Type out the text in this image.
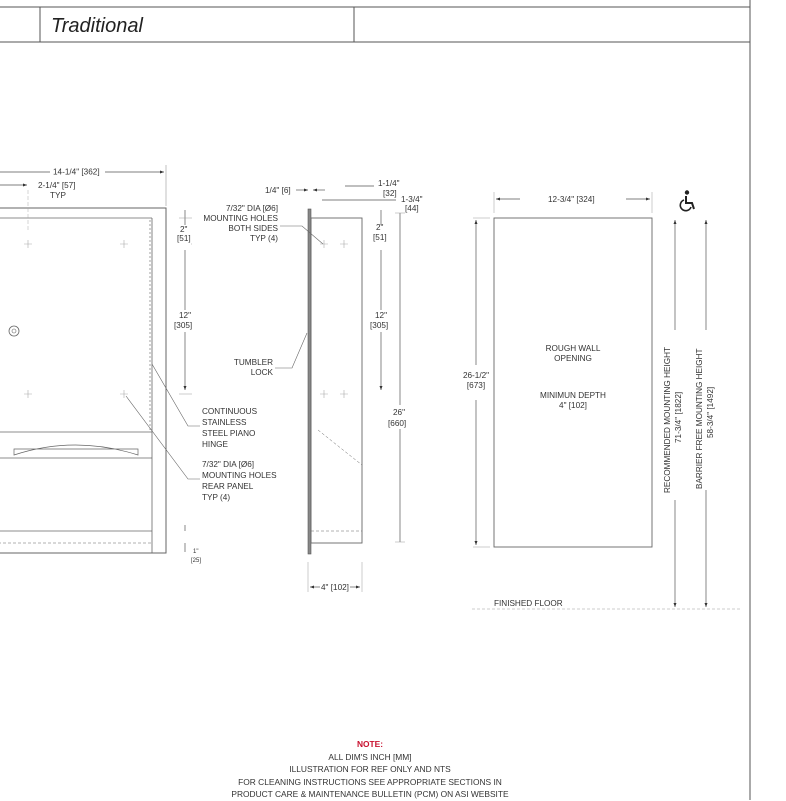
Traditional
14-1/4" [362]
2-1/4" [57]
TYP
2"
[51]
12"
[305]
1"
[25]
1/4" [6]
1-1/4"
[32]
1-3/4"
[44]
2"
[51]
12"
[305]
26"
[660]
4" [102]
7/32" DIA [Ø6]
MOUNTING HOLES
BOTH SIDES
TYP (4)
TUMBLER
LOCK
CONTINUOUS
STAINLESS
STEEL PIANO
HINGE
7/32" DIA [Ø6]
MOUNTING HOLES
REAR PANEL
TYP (4)
12-3/4" [324]
26-1/2"
[673]
ROUGH WALL
OPENING
MINIMUN DEPTH
4" [102]	RECOMMENDED MOUNTING HEIGHT 71-3/4" [1822] BARRIER FREE MOUNTING HEIGHT 58-3/4" [1492]
FINISHED FLOOR
NOTE:
ALL DIM'S INCH [MM]
ILLUSTRATION FOR REF ONLY AND NTS
FOR CLEANING INSTRUCTIONS SEE APPROPRIATE SECTIONS IN
PRODUCT CARE & MAINTENANCE BULLETIN (PCM) ON ASI WEBSITE
